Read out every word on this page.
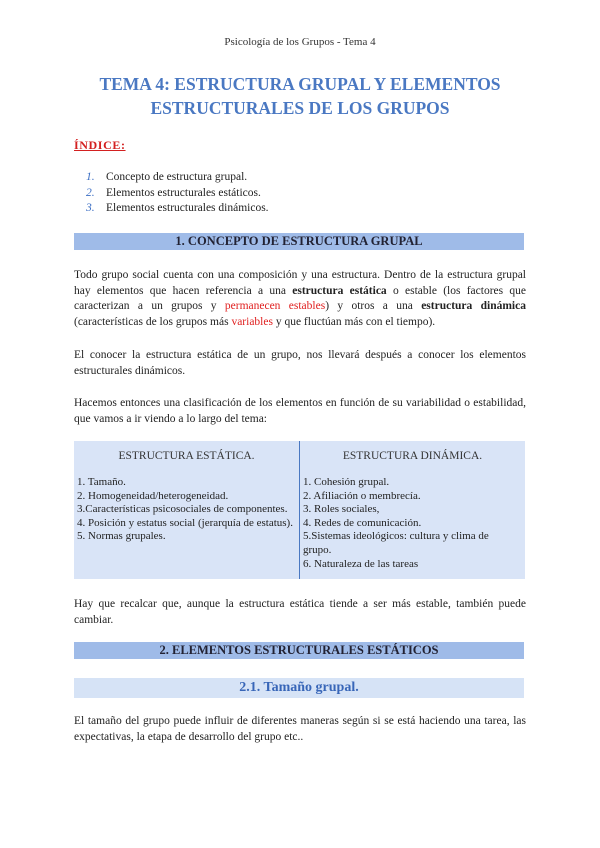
Psicología de los Grupos - Tema 4
TEMA 4: ESTRUCTURA GRUPAL Y ELEMENTOS
ESTRUCTURALES DE LOS GRUPOS
ÍNDICE:
1. Concepto de estructura grupal.
2. Elementos estructurales estáticos.
3. Elementos estructurales dinámicos.
1. CONCEPTO DE ESTRUCTURA GRUPAL

Todo grupo social cuenta con una composición y una estructura. Dentro de la estructura grupal hay elementos que hacen referencia a una estructura estática o estable (los factores que caracterizan a un grupos y permanecen estables) y otros a una estructura dinámica (características de los grupos más variables y que fluctúan más con el tiempo).

El conocer la estructura estática de un grupo, nos llevará después a conocer los elementos estructurales dinámicos.

Hacemos entonces una clasificación de los elementos en función de su variabilidad o estabilidad, que vamos a ir viendo a lo largo del tema:

ESTRUCTURA ESTÁTICA.
1. Tamaño.
2. Homogeneidad/heterogeneidad.
3.Características psicosociales de componentes.
4. Posición y estatus social (jerarquía de estatus).
5. Normas grupales.
ESTRUCTURA DINÁMICA.
1. Cohesión grupal.
2. Afiliación o membrecía.
3. Roles sociales,
4. Redes de comunicación.
5.Sistemas ideológicos: cultura y clima de grupo.
6. Naturaleza de las tareas

Hay que recalcar que, aunque la estructura estática tiende a ser más estable, también puede cambiar.

2. ELEMENTOS ESTRUCTURALES ESTÁTICOS
2.1. Tamaño grupal.

El tamaño del grupo puede influir de diferentes maneras según si se está haciendo una tarea, las expectativas, la etapa de desarrollo del grupo etc..
